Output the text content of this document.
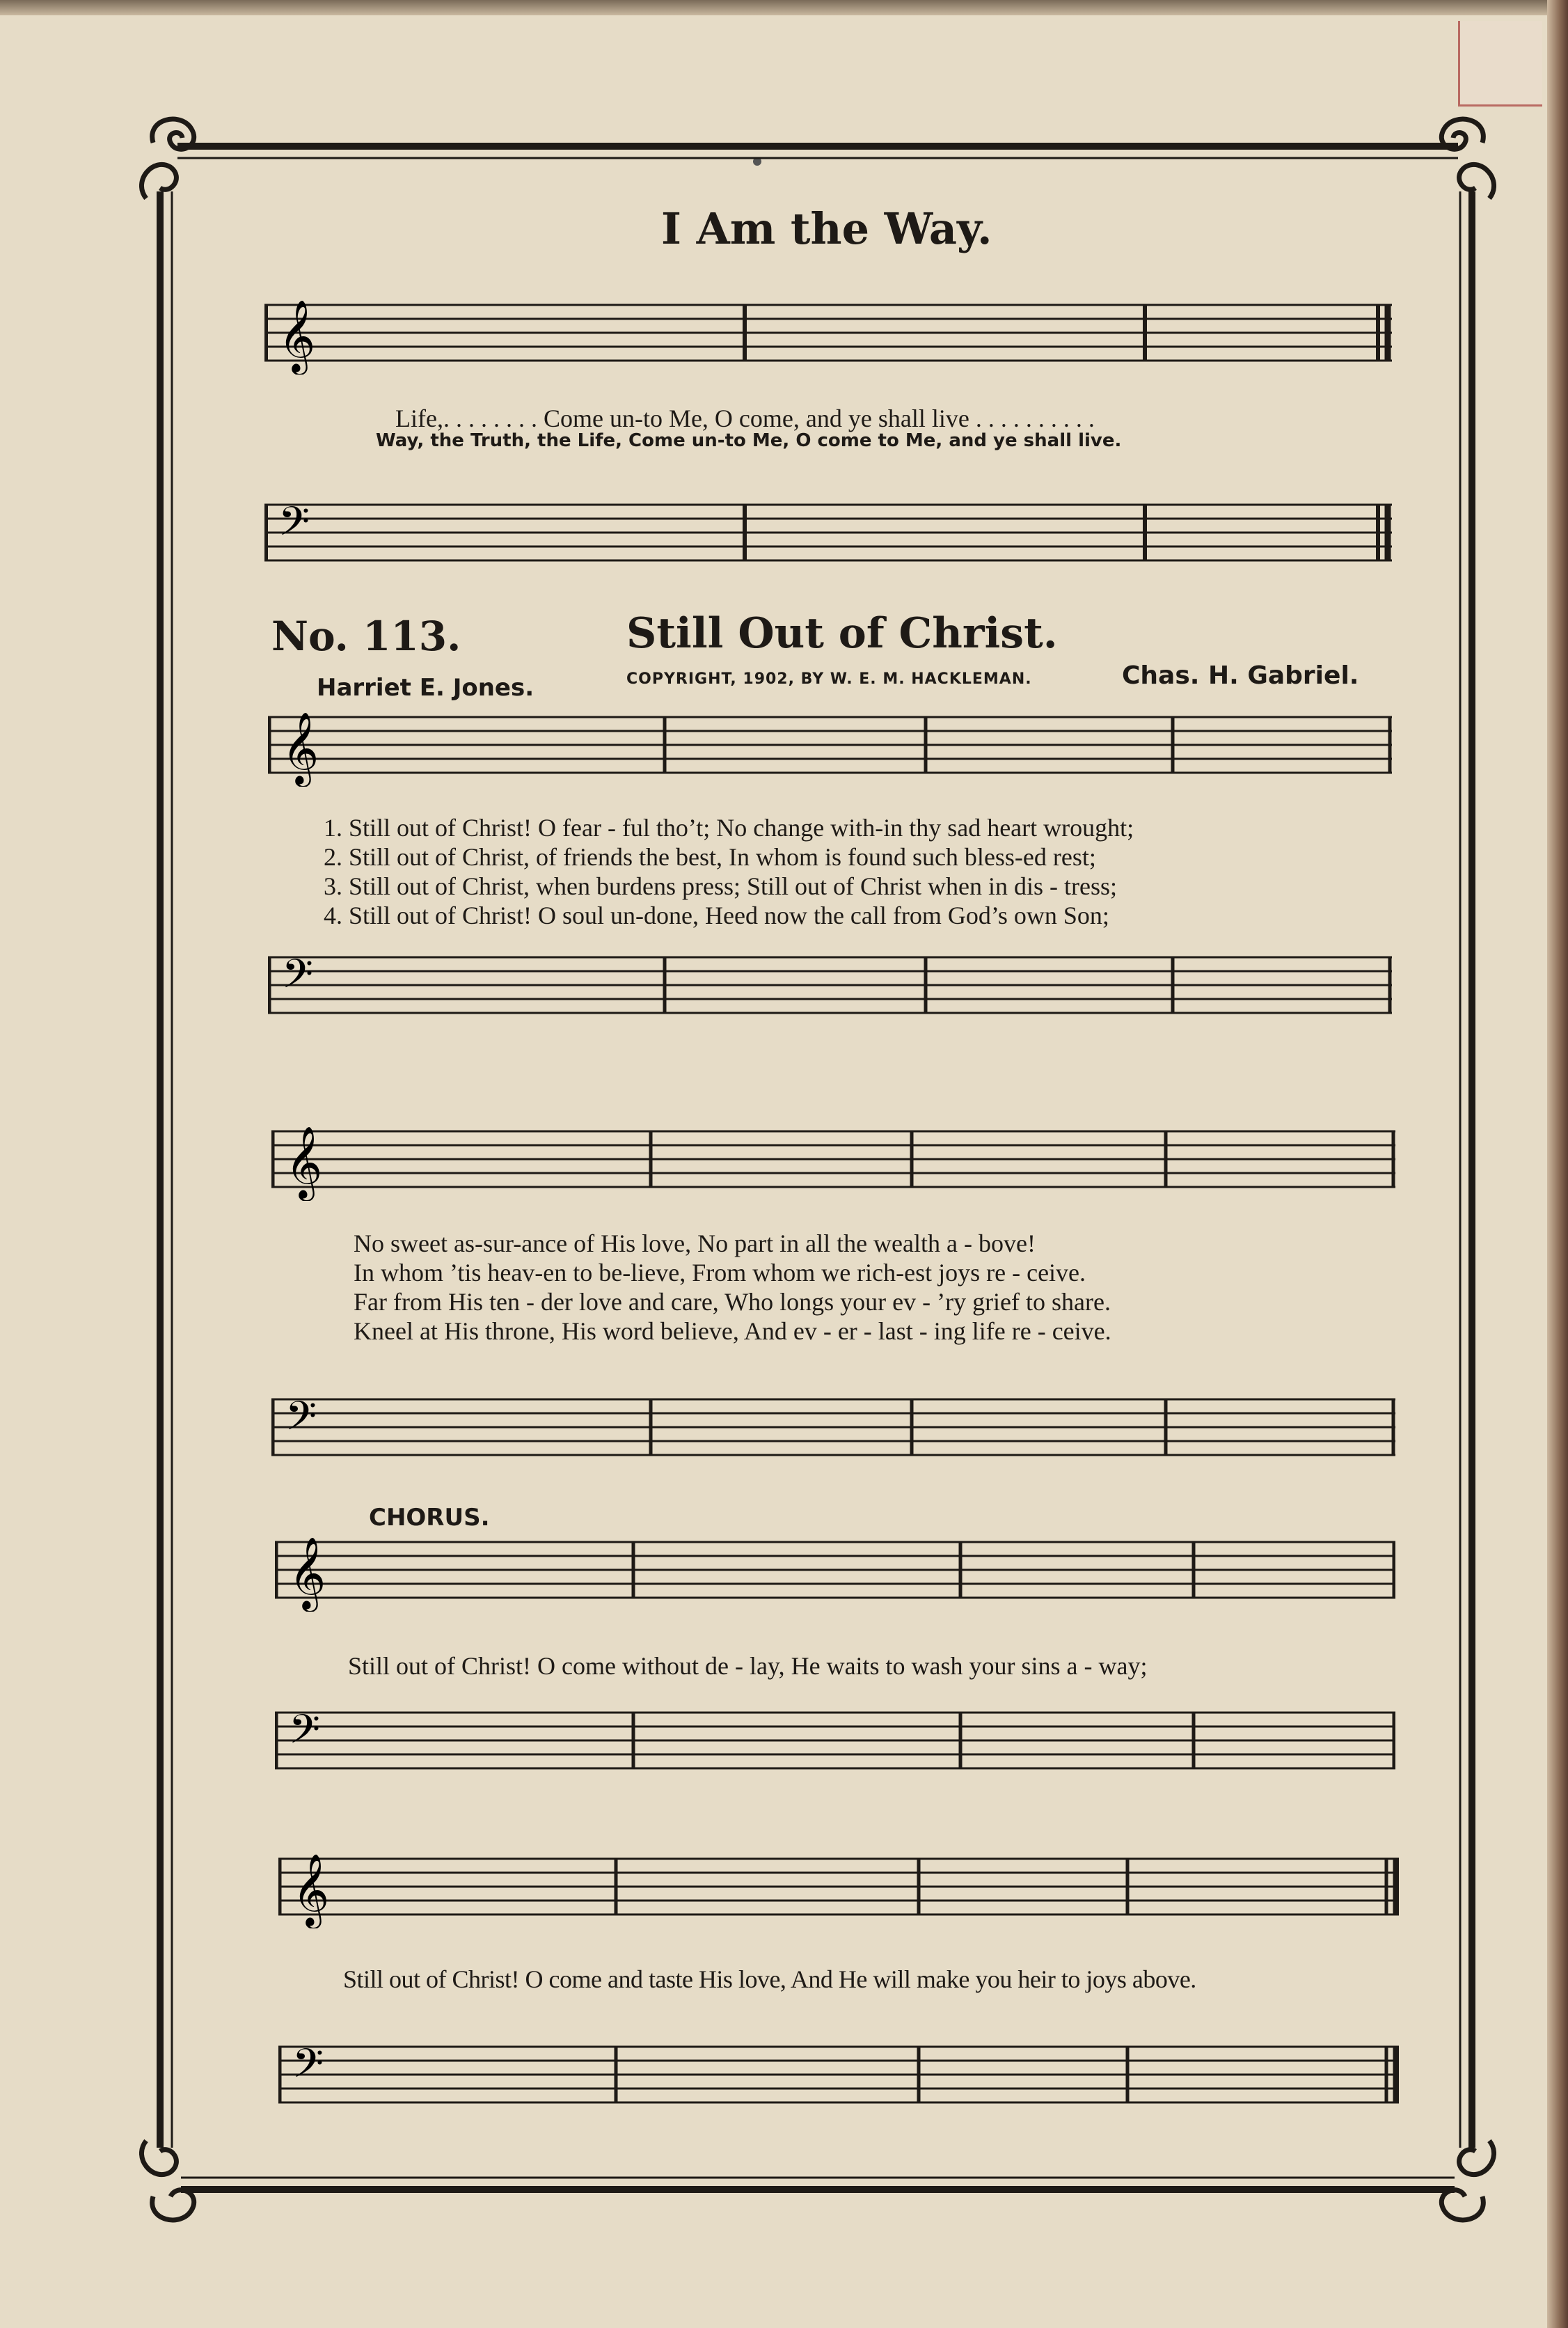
I Am the Way.
𝄞
Life,. . . . . . . . Come un-to Me, O come, and ye shall live . . . . . . . . . .
Way, the Truth, the Life, Come un-to Me, O come to Me, and ye shall live.
𝄢
No. 113.	Still Out of Christ.
Harriet E. Jones.	COPYRIGHT, 1902, BY W. E. M. HACKLEMAN.	Chas. H. Gabriel.
𝄞
1. Still out of Christ! O fear - ful tho’t; No change with-in thy sad heart wrought;
2. Still out of Christ, of friends the best, In whom is found such bless-ed rest;
3. Still out of Christ, when burdens press; Still out of Christ when in dis - tress;
4. Still out of Christ! O soul un-done, Heed now the call from God’s own Son;
𝄢
𝄞
No sweet as-sur-ance of His love, No part in all the wealth a - bove!
In whom ’tis heav-en to be-lieve, From whom we rich-est joys re - ceive.
Far from His ten - der love and care, Who longs your ev - ’ry grief to share.
Kneel at His throne, His word believe, And ev - er - last - ing life re - ceive.
𝄢
CHORUS.
𝄞
Still out of Christ! O come without de - lay, He waits to wash your sins a - way;
𝄢
𝄞
Still out of Christ! O come and taste His love, And He will make you heir to joys above.
𝄢
